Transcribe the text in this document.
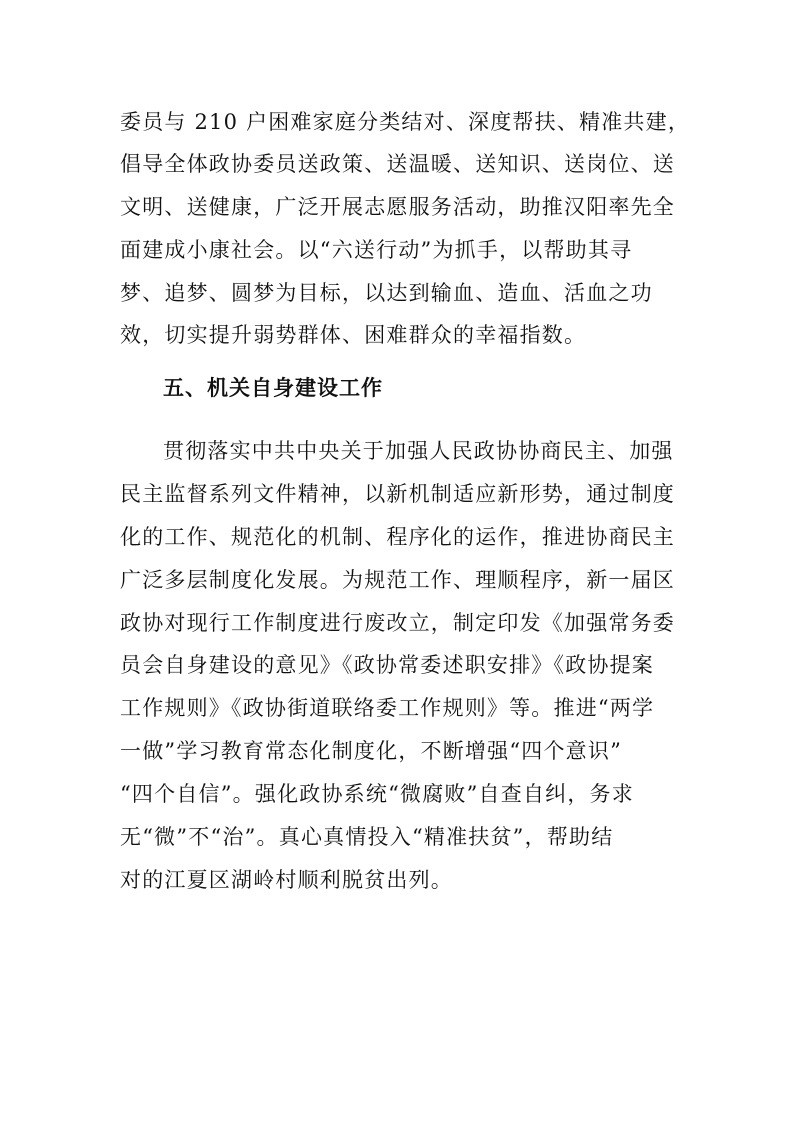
委员与 210 户困难家庭分类结对、深度帮扶、精准共建，
倡导全体政协委员送政策、送温暖、送知识、送岗位、送
文明、送健康，广泛开展志愿服务活动，助推汉阳率先全
面建成小康社会。以“六送行动”为抓手，以帮助其寻
梦、追梦、圆梦为目标，以达到输血、造血、活血之功
效，切实提升弱势群体、困难群众的幸福指数。
五、机关自身建设工作
贯彻落实中共中央关于加强人民政协协商民主、加强
民主监督系列文件精神，以新机制适应新形势，通过制度
化的工作、规范化的机制、程序化的运作，推进协商民主
广泛多层制度化发展。为规范工作、理顺程序，新一届区
政协对现行工作制度进行废改立，制定印发《加强常务委
员会自身建设的意见》《政协常委述职安排》《政协提案
工作规则》《政协街道联络委工作规则》等。推进“两学
一做”学习教育常态化制度化，不断增强“四个意识”
“四个自信”。强化政协系统“微腐败”自查自纠，务求
无“微”不“治”。真心真情投入“精准扶贫”，帮助结
对的江夏区湖岭村顺利脱贫出列。
